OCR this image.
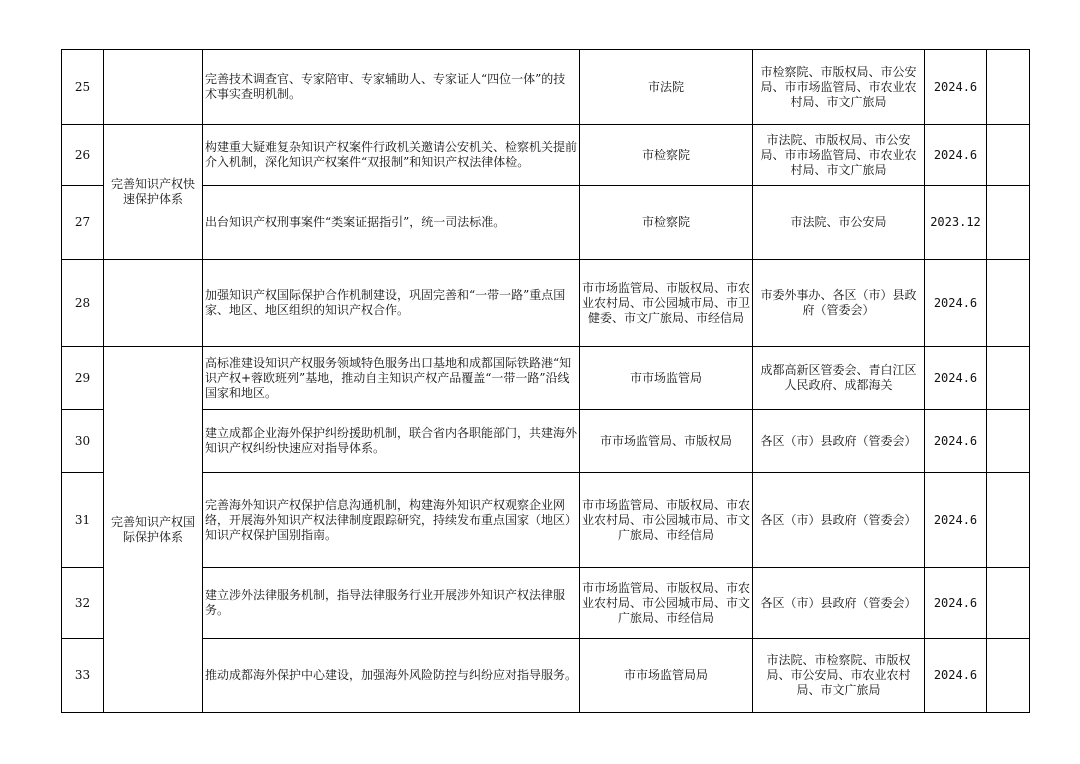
25		完善技术调查官、专家陪审、专家辅助人、专家证人“四位一体”的技术事实查明机制。	市法院	市检察院、市版权局、市公安局、市市场监管局、市农业农村局、市文广旅局	2024.6	
26	完善知识产权快速保护体系	构建重大疑难复杂知识产权案件行政机关邀请公安机关、检察机关提前介入机制，深化知识产权案件“双报制”和知识产权法律体检。	市检察院	市法院、市版权局、市公安局、市市场监管局、市农业农村局、市文广旅局	2024.6	
27		出台知识产权刑事案件“类案证据指引”，统一司法标准。	市检察院	市法院、市公安局	2023.12	
28		加强知识产权国际保护合作机制建设，巩固完善和“一带一路”重点国家、地区、地区组织的知识产权合作。	市市场监管局、市版权局、市农业农村局、市公园城市局、市卫健委、市文广旅局、市经信局	市委外事办、各区（市）县政府（管委会）	2024.6	
29	完善知识产权国际保护体系	高标准建设知识产权服务领域特色服务出口基地和成都国际铁路港“知识产权+蓉欧班列”基地，推动自主知识产权产品覆盖“一带一路”沿线国家和地区。	市市场监管局	成都高新区管委会、青白江区人民政府、成都海关	2024.6	
30		建立成都企业海外保护纠纷援助机制，联合省内各职能部门，共建海外知识产权纠纷快速应对指导体系。	市市场监管局、市版权局	各区（市）县政府（管委会）	2024.6	
31		完善海外知识产权保护信息沟通机制，构建海外知识产权观察企业网络，开展海外知识产权法律制度跟踪研究，持续发布重点国家（地区）知识产权保护国别指南。	市市场监管局、市版权局、市农业农村局、市公园城市局、市文广旅局、市经信局	各区（市）县政府（管委会）	2024.6	
32		建立涉外法律服务机制，指导法律服务行业开展涉外知识产权法律服务。	市市场监管局、市版权局、市农业农村局、市公园城市局、市文广旅局、市经信局	各区（市）县政府（管委会）	2024.6	
33		推动成都海外保护中心建设，加强海外风险防控与纠纷应对指导服务。	市市场监管局局	市法院、市检察院、市版权局、市公安局、市农业农村局、市文广旅局	2024.6	
